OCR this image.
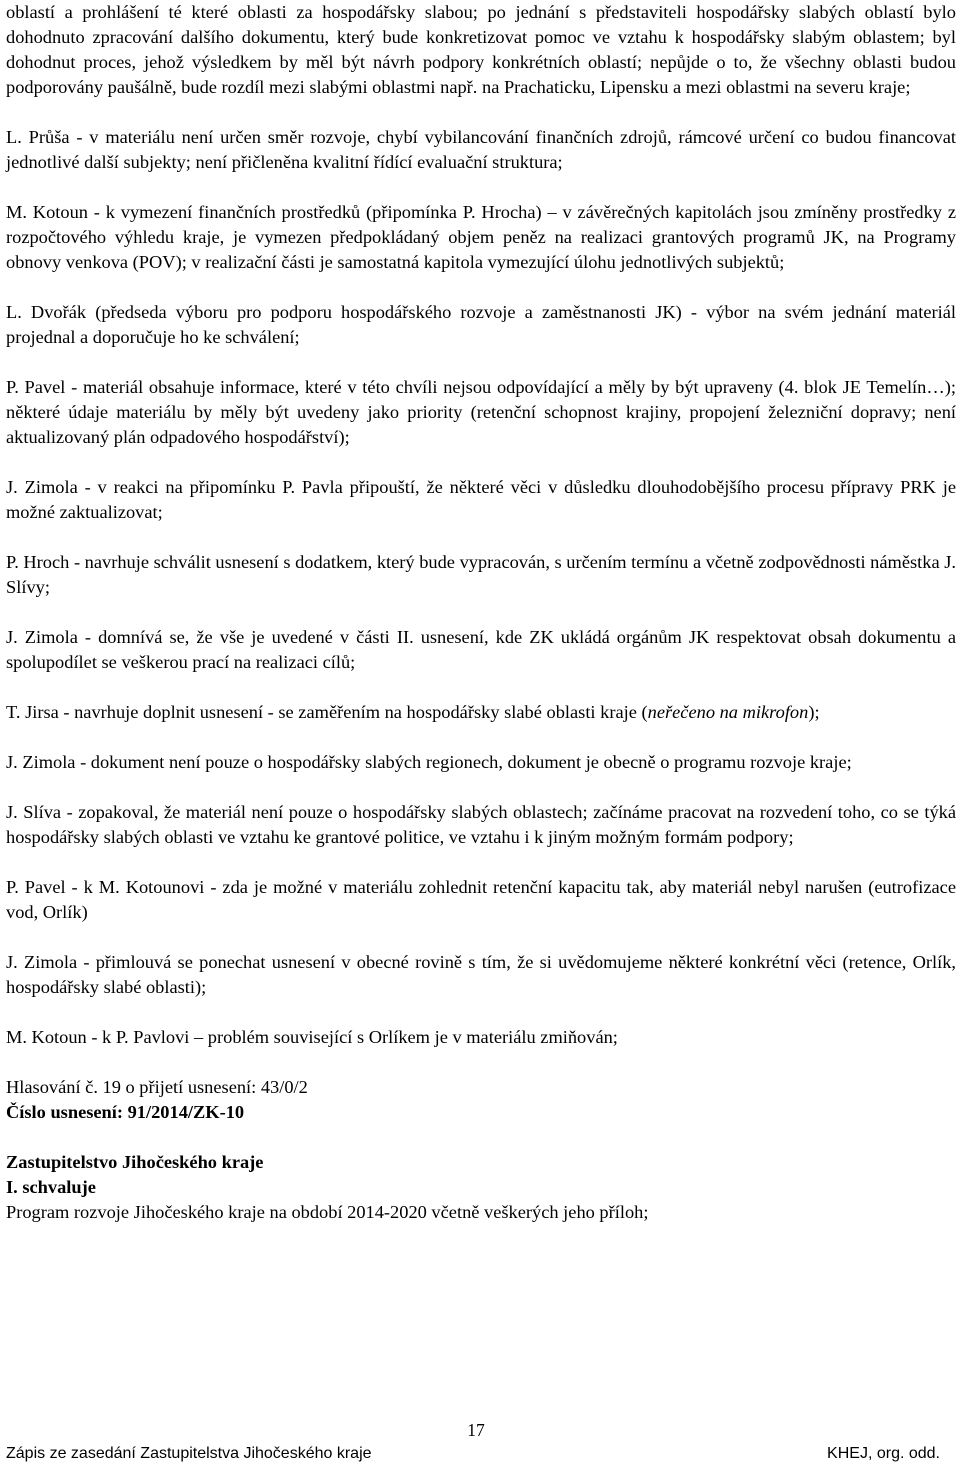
oblastí a prohlášení té které oblasti za hospodářsky slabou; po jednání s představiteli hospodářsky slabých oblastí bylo dohodnuto zpracování dalšího dokumentu, který bude konkretizovat pomoc ve vztahu k hospodářsky slabým oblastem; byl dohodnut proces, jehož výsledkem by měl být návrh podpory konkrétních oblastí; nepůjde o to, že všechny oblasti budou podporovány paušálně, bude rozdíl mezi slabými oblastmi např. na Prachaticku, Lipensku a mezi oblastmi na severu kraje;

L. Průša - v materiálu není určen směr rozvoje, chybí vybilancování finančních zdrojů, rámcové určení co budou financovat jednotlivé další subjekty; není přičleněna kvalitní řídící evaluační struktura;

M. Kotoun - k vymezení finančních prostředků (připomínka P. Hrocha) – v závěrečných kapitolách jsou zmíněny prostředky z rozpočtového výhledu kraje, je vymezen předpokládaný objem peněz na realizaci grantových programů JK, na Programy obnovy venkova (POV); v realizační části je samostatná kapitola vymezující úlohu jednotlivých subjektů;

L. Dvořák (předseda výboru pro podporu hospodářského rozvoje a zaměstnanosti JK) - výbor na svém jednání materiál projednal a doporučuje ho ke schválení;

P. Pavel - materiál obsahuje informace, které v této chvíli nejsou odpovídající a měly by být upraveny (4. blok JE Temelín…); některé údaje materiálu by měly být uvedeny jako priority (retenční schopnost krajiny, propojení železniční dopravy; není aktualizovaný plán odpadového hospodářství);

J. Zimola - v reakci na připomínku P. Pavla připouští, že některé věci v důsledku dlouhodobějšího procesu přípravy PRK je možné zaktualizovat;

P. Hroch - navrhuje schválit usnesení s dodatkem, který bude vypracován, s určením termínu a včetně zodpovědnosti náměstka J. Slívy;

J. Zimola - domnívá se, že vše je uvedené v části II. usnesení, kde ZK ukládá orgánům JK respektovat obsah dokumentu a spolupodílet se veškerou prací na realizaci cílů;

T. Jirsa - navrhuje doplnit usnesení - se zaměřením na hospodářsky slabé oblasti kraje (neřečeno na mikrofon);

J. Zimola - dokument není pouze o hospodářsky slabých regionech, dokument je obecně o programu rozvoje kraje;

J. Slíva - zopakoval, že materiál není pouze o hospodářsky slabých oblastech; začínáme pracovat na rozvedení toho, co se týká hospodářsky slabých oblasti ve vztahu ke grantové politice, ve vztahu i k jiným možným formám podpory;

P. Pavel - k M. Kotounovi - zda je možné v materiálu zohlednit retenční kapacitu tak, aby materiál nebyl narušen (eutrofizace vod, Orlík)

J. Zimola - přimlouvá se ponechat usnesení v obecné rovině s tím, že si uvědomujeme některé konkrétní věci (retence, Orlík, hospodářsky slabé oblasti);

M. Kotoun - k P. Pavlovi – problém související s Orlíkem je v materiálu zmiňován;

Hlasování č. 19 o přijetí usnesení: 43/0/2

Číslo usnesení: 91/2014/ZK-10

Zastupitelstvo Jihočeského kraje

I. schvaluje

Program rozvoje Jihočeského kraje na období 2014-2020 včetně veškerých jeho příloh;

17
Zápis ze zasedání Zastupitelstva Jihočeského kraje	KHEJ, org. odd.
